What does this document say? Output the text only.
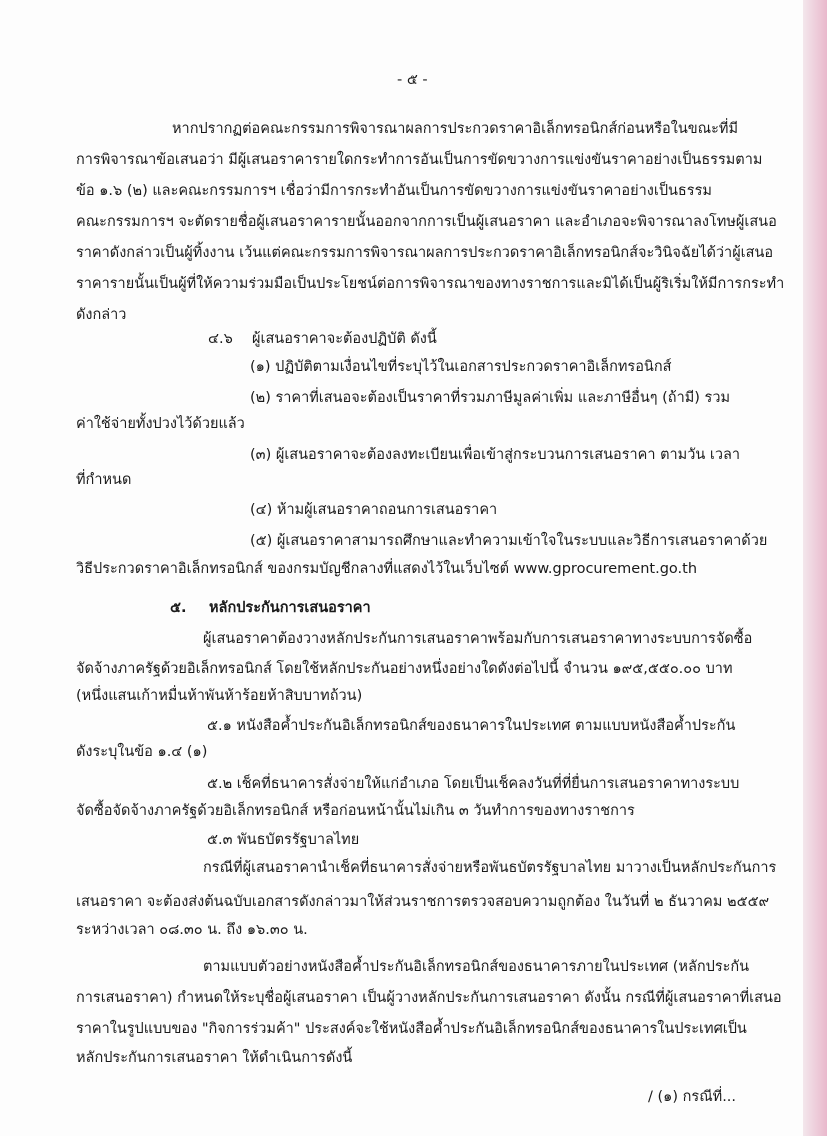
- ๕ -
หากปรากฏต่อคณะกรรมการพิจารณาผลการประกวดราคาอิเล็กทรอนิกส์ก่อนหรือในขณะที่มี
การพิจารณาข้อเสนอว่า มีผู้เสนอราคารายใดกระทำการอันเป็นการขัดขวางการแข่งขันราคาอย่างเป็นธรรมตาม
ข้อ ๑.๖ (๒) และคณะกรรมการฯ เชื่อว่ามีการกระทำอันเป็นการขัดขวางการแข่งขันราคาอย่างเป็นธรรม
คณะกรรมการฯ จะตัดรายชื่อผู้เสนอราคารายนั้นออกจากการเป็นผู้เสนอราคา และอำเภอจะพิจารณาลงโทษผู้เสนอ
ราคาดังกล่าวเป็นผู้ทิ้งงาน เว้นแต่คณะกรรมการพิจารณาผลการประกวดราคาอิเล็กทรอนิกส์จะวินิจฉัยได้ว่าผู้เสนอ
ราคารายนั้นเป็นผู้ที่ให้ความร่วมมือเป็นประโยชน์ต่อการพิจารณาของทางราชการและมิได้เป็นผู้ริเริ่มให้มีการกระทำ
ดังกล่าว
๔.๖ ผู้เสนอราคาจะต้องปฏิบัติ ดังนี้
(๑) ปฏิบัติตามเงื่อนไขที่ระบุไว้ในเอกสารประกวดราคาอิเล็กทรอนิกส์
(๒) ราคาที่เสนอจะต้องเป็นราคาที่รวมภาษีมูลค่าเพิ่ม และภาษีอื่นๆ (ถ้ามี) รวม
ค่าใช้จ่ายทั้งปวงไว้ด้วยแล้ว
(๓) ผู้เสนอราคาจะต้องลงทะเบียนเพื่อเข้าสู่กระบวนการเสนอราคา ตามวัน เวลา
ที่กำหนด
(๔) ห้ามผู้เสนอราคาถอนการเสนอราคา
(๕) ผู้เสนอราคาสามารถศึกษาและทำความเข้าใจในระบบและวิธีการเสนอราคาด้วย
วิธีประกวดราคาอิเล็กทรอนิกส์ ของกรมบัญชีกลางที่แสดงไว้ในเว็บไซต์ www.gprocurement.go.th
๕. หลักประกันการเสนอราคา
ผู้เสนอราคาต้องวางหลักประกันการเสนอราคาพร้อมกับการเสนอราคาทางระบบการจัดซื้อ
จัดจ้างภาครัฐด้วยอิเล็กทรอนิกส์ โดยใช้หลักประกันอย่างหนึ่งอย่างใดดังต่อไปนี้ จำนวน ๑๙๕,๕๕๐.๐๐ บาท
(หนึ่งแสนเก้าหมื่นห้าพันห้าร้อยห้าสิบบาทถ้วน)
๕.๑ หนังสือค้ำประกันอิเล็กทรอนิกส์ของธนาคารในประเทศ ตามแบบหนังสือค้ำประกัน
ดังระบุในข้อ ๑.๔ (๑)
๕.๒ เช็คที่ธนาคารสั่งจ่ายให้แก่อำเภอ โดยเป็นเช็คลงวันที่ที่ยื่นการเสนอราคาทางระบบ
จัดซื้อจัดจ้างภาครัฐด้วยอิเล็กทรอนิกส์ หรือก่อนหน้านั้นไม่เกิน ๓ วันทำการของทางราชการ
๕.๓ พันธบัตรรัฐบาลไทย
กรณีที่ผู้เสนอราคานำเช็คที่ธนาคารสั่งจ่ายหรือพันธบัตรรัฐบาลไทย มาวางเป็นหลักประกันการ
เสนอราคา จะต้องส่งต้นฉบับเอกสารดังกล่าวมาให้ส่วนราชการตรวจสอบความถูกต้อง ในวันที่ ๒ ธันวาคม ๒๕๕๙
ระหว่างเวลา ๐๘.๓๐ น. ถึง ๑๖.๓๐ น.
ตามแบบตัวอย่างหนังสือค้ำประกันอิเล็กทรอนิกส์ของธนาคารภายในประเทศ (หลักประกัน
การเสนอราคา) กำหนดให้ระบุชื่อผู้เสนอราคา เป็นผู้วางหลักประกันการเสนอราคา ดังนั้น กรณีที่ผู้เสนอราคาที่เสนอ
ราคาในรูปแบบของ "กิจการร่วมค้า" ประสงค์จะใช้หนังสือค้ำประกันอิเล็กทรอนิกส์ของธนาคารในประเทศเป็น
หลักประกันการเสนอราคา ให้ดำเนินการดังนี้
/ (๑) กรณีที่...
